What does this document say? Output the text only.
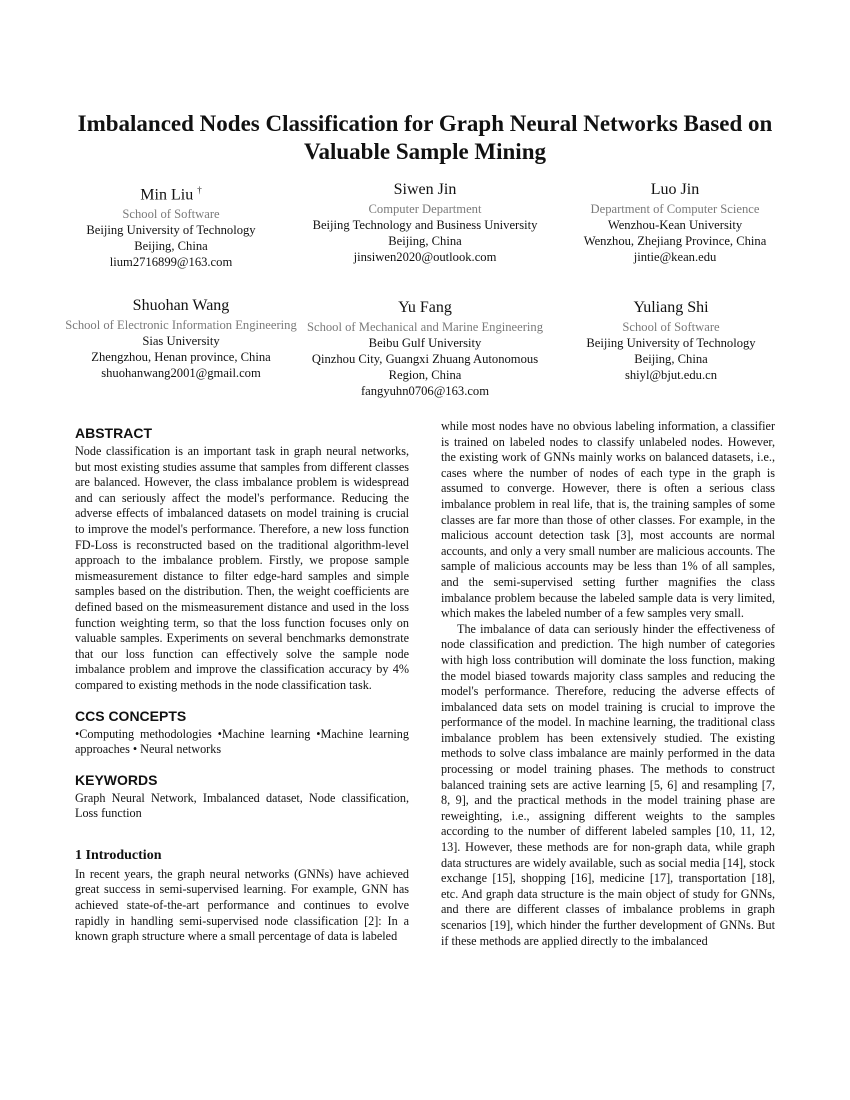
Imbalanced Nodes Classification for Graph Neural Networks Based on Valuable Sample Mining
Min Liu †
School of Software
Beijing University of Technology
Beijing, China
lium2716899@163.com
Siwen Jin
Computer Department
Beijing Technology and Business University
Beijing, China
jinsiwen2020@outlook.com
Luo Jin
Department of Computer Science
Wenzhou-Kean University
Wenzhou, Zhejiang Province, China
jintie@kean.edu
Shuohan Wang
School of Electronic Information Engineering
Sias University
Zhengzhou, Henan province, China
shuohanwang2001@gmail.com
Yu Fang
School of Mechanical and Marine Engineering
Beibu Gulf University
Qinzhou City, Guangxi Zhuang Autonomous Region, China
fangyuhn0706@163.com
Yuliang Shi
School of Software
Beijing University of Technology
Beijing, China
shiyl@bjut.edu.cn
ABSTRACT

Node classification is an important task in graph neural networks, but most existing studies assume that samples from different classes are balanced. However, the class imbalance problem is widespread and can seriously affect the model's performance. Reducing the adverse effects of imbalanced datasets on model training is crucial to improve the model's performance. Therefore, a new loss function FD-Loss is reconstructed based on the traditional algorithm-level approach to the imbalance problem. Firstly, we propose sample mismeasurement distance to filter edge-hard samples and simple samples based on the distribution. Then, the weight coefficients are defined based on the mismeasurement distance and used in the loss function weighting term, so that the loss function focuses only on valuable samples. Experiments on several benchmarks demonstrate that our loss function can effectively solve the sample node imbalance problem and improve the classification accuracy by 4% compared to existing methods in the node classification task.

CCS CONCEPTS

•Computing methodologies •Machine learning •Machine learning approaches • Neural networks

KEYWORDS

Graph Neural Network, Imbalanced dataset, Node classification, Loss function

1 Introduction

In recent years, the graph neural networks (GNNs) have achieved great success in semi-supervised learning. For example, GNN has achieved state-of-the-art performance and continues to evolve rapidly in handling semi-supervised node classification [2]: In a known graph structure where a small percentage of data is labeled

while most nodes have no obvious labeling information, a classifier is trained on labeled nodes to classify unlabeled nodes. However, the existing work of GNNs mainly works on balanced datasets, i.e., cases where the number of nodes of each type in the graph is assumed to converge. However, there is often a serious class imbalance problem in real life, that is, the training samples of some classes are far more than those of other classes. For example, in the malicious account detection task [3], most accounts are normal accounts, and only a very small number are malicious accounts. The sample of malicious accounts may be less than 1% of all samples, and the semi-supervised setting further magnifies the class imbalance problem because the labeled sample data is very limited, which makes the labeled number of a few samples very small.

The imbalance of data can seriously hinder the effectiveness of node classification and prediction. The high number of categories with high loss contribution will dominate the loss function, making the model biased towards majority class samples and reducing the model's performance. Therefore, reducing the adverse effects of imbalanced data sets on model training is crucial to improve the performance of the model. In machine learning, the traditional class imbalance problem has been extensively studied. The existing methods to solve class imbalance are mainly performed in the data processing or model training phases. The methods to construct balanced training sets are active learning [5, 6] and resampling [7, 8, 9], and the practical methods in the model training phase are reweighting, i.e., assigning different weights to the samples according to the number of different labeled samples [10, 11, 12, 13]. However, these methods are for non-graph data, while graph data structures are widely available, such as social media [14], stock exchange [15], shopping [16], medicine [17], transportation [18], etc. And graph data structure is the main object of study for GNNs, and there are different classes of imbalance problems in graph scenarios [19], which hinder the further development of GNNs. But if these methods are applied directly to the imbalanced
